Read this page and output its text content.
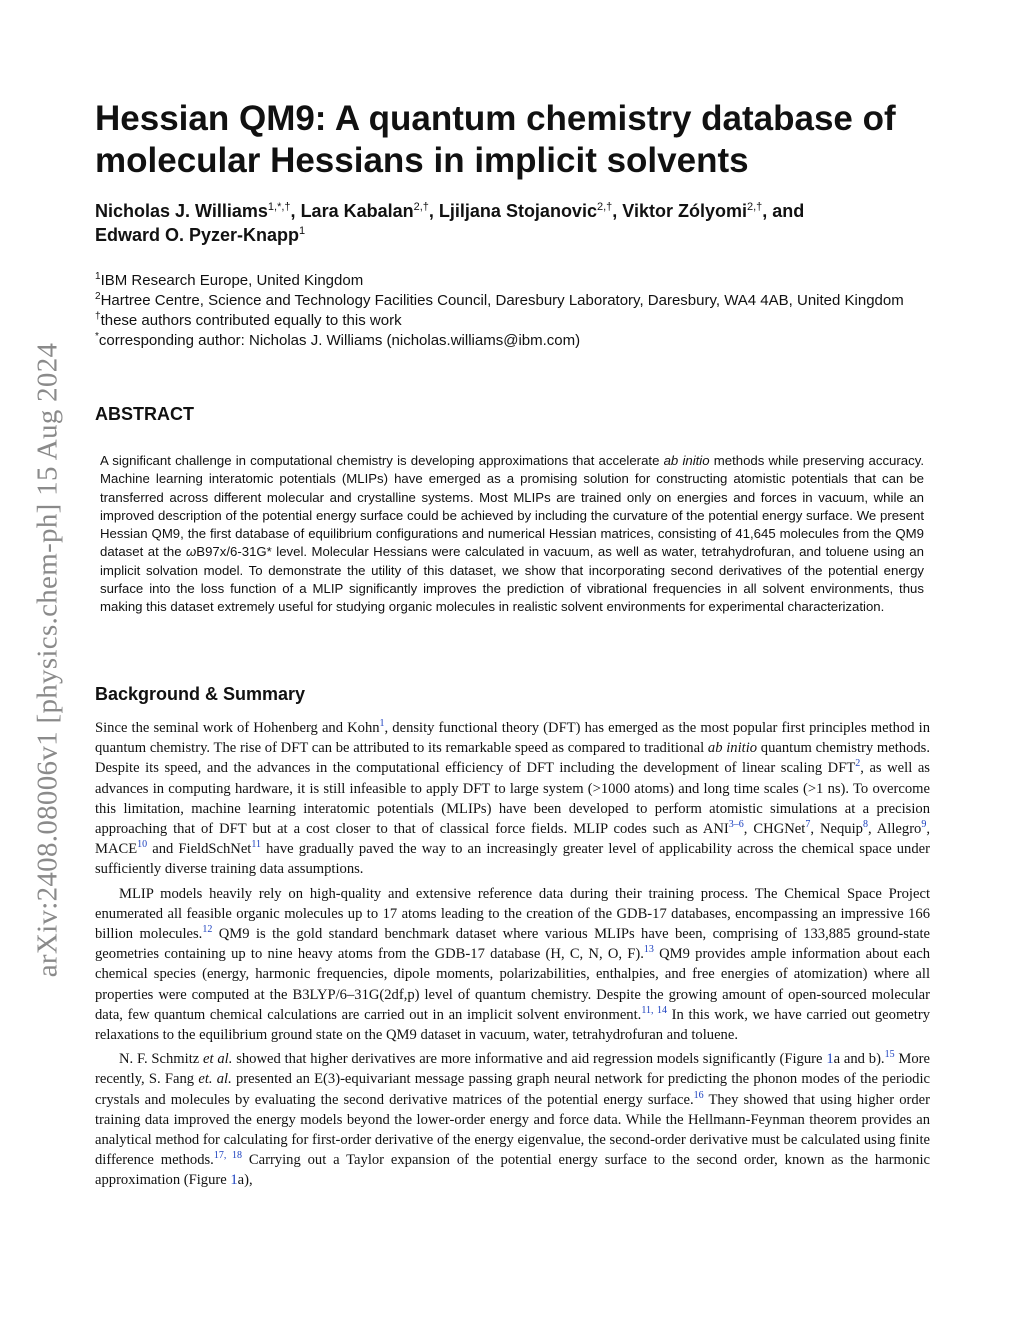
arXiv:2408.08006v1 [physics.chem-ph] 15 Aug 2024
Hessian QM9: A quantum chemistry database of molecular Hessians in implicit solvents
Nicholas J. Williams$^{1,*,\dagger}$, Lara Kabalan$^{2,\dagger}$, Ljiljana Stojanovic$^{2,\dagger}$, Viktor Zólyomi$^{2,\dagger}$, and
Edward O. Pyzer-Knapp$^1$
$^1$IBM Research Europe, United Kingdom
$^2$Hartree Centre, Science and Technology Facilities Council, Daresbury Laboratory, Daresbury, WA4 4AB, United Kingdom
†these authors contributed equally to this work
*corresponding author: Nicholas J. Williams (nicholas.williams@ibm.com)
ABSTRACT

A significant challenge in computational chemistry is developing approximations that accelerate ab initio methods while preserving accuracy. Machine learning interatomic potentials (MLIPs) have emerged as a promising solution for constructing atomistic potentials that can be transferred across different molecular and crystalline systems. Most MLIPs are trained only on energies and forces in vacuum, while an improved description of the potential energy surface could be achieved by including the curvature of the potential energy surface. We present Hessian QM9, the first database of equilibrium configurations and numerical Hessian matrices, consisting of 41,645 molecules from the QM9 dataset at the ωB97x/6-31G* level. Molecular Hessians were calculated in vacuum, as well as water, tetrahydrofuran, and toluene using an implicit solvation model. To demonstrate the utility of this dataset, we show that incorporating second derivatives of the potential energy surface into the loss function of a MLIP significantly improves the prediction of vibrational frequencies in all solvent environments, thus making this dataset extremely useful for studying organic molecules in realistic solvent environments for experimental characterization.

Background & Summary

Since the seminal work of Hohenberg and Kohn$^1$, density functional theory (DFT) has emerged as the most popular first principles method in quantum chemistry. The rise of DFT can be attributed to its remarkable speed as compared to traditional ab initio quantum chemistry methods. Despite its speed, and the advances in the computational efficiency of DFT including the development of linear scaling DFT$^2$, as well as advances in computing hardware, it is still infeasible to apply DFT to large system (>1000 atoms) and long time scales (>1 ns). To overcome this limitation, machine learning interatomic potentials (MLIPs) have been developed to perform atomistic simulations at a precision approaching that of DFT but at a cost closer to that of classical force fields. MLIP codes such as ANI$^{3-6}$, CHGNet$^7$, Nequip$^8$, Allegro$^9$, MACE$^{10}$ and FieldSchNet$^{11}$ have gradually paved the way to an increasingly greater level of applicability across the chemical space under sufficiently diverse training data assumptions.

MLIP models heavily rely on high-quality and extensive reference data during their training process. The Chemical Space Project enumerated all feasible organic molecules up to 17 atoms leading to the creation of the GDB-17 databases, encompassing an impressive 166 billion molecules.$^{12}$ QM9 is the gold standard benchmark dataset where various MLIPs have been, comprising of 133,885 ground-state geometries containing up to nine heavy atoms from the GDB-17 database (H, C, N, O, F).$^{13}$ QM9 provides ample information about each chemical species (energy, harmonic frequencies, dipole moments, polarizabilities, enthalpies, and free energies of atomization) where all properties were computed at the B3LYP/6–31G(2df,p) level of quantum chemistry. Despite the growing amount of open-sourced molecular data, few quantum chemical calculations are carried out in an implicit solvent environment.$^{11, 14}$ In this work, we have carried out geometry relaxations to the equilibrium ground state on the QM9 dataset in vacuum, water, tetrahydrofuran and toluene.

N. F. Schmitz et al. showed that higher derivatives are more informative and aid regression models significantly (Figure 1a and b).$^{15}$ More recently, S. Fang et. al. presented an E(3)-equivariant message passing graph neural network for predicting the phonon modes of the periodic crystals and molecules by evaluating the second derivative matrices of the potential energy surface.$^{16}$ They showed that using higher order training data improved the energy models beyond the lower-order energy and force data. While the Hellmann-Feynman theorem provides an analytical method for calculating for first-order derivative of the energy eigenvalue, the second-order derivative must be calculated using finite difference methods.$^{17, 18}$ Carrying out a Taylor expansion of the potential energy surface to the second order, known as the harmonic approximation (Figure 1a),
